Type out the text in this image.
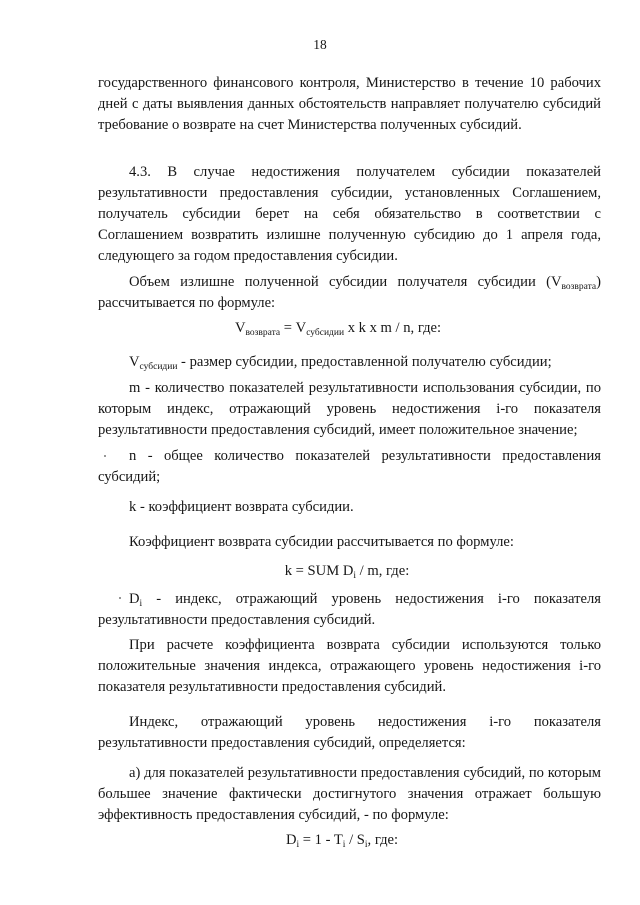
18

государственного финансового контроля, Министерство в течение 10 рабочих дней с даты выявления данных обстоятельств направляет получателю субсидий требование о возврате на счет Министерства полученных субсидий.

4.3. В случае недостижения получателем субсидии показателей результативности предоставления субсидии, установленных Соглашением, получатель субсидии берет на себя обязательство в соответствии с Соглашением возвратить излишне полученную субсидию до 1 апреля года, следующего за годом предоставления субсидии.

Объем излишне полученной субсидии получателя субсидии $(V_{возврата})$ рассчитывается по формуле:

$V_{возврата} = V_{субсидии}$ x k x m / n, где:

$V_{субсидии}$ - размер субсидии, предоставленной получателю субсидии;

m - количество показателей результативности использования субсидии, по которым индекс, отражающий уровень недостижения i-го показателя результативности предоставления субсидий, имеет положительное значение;

n - общее количество показателей результативности предоставления субсидий;

k - коэффициент возврата субсидии.

Коэффициент возврата субсидии рассчитывается по формуле:

k = SUM $D_i$ / m, где:

$D_i$ - индекс, отражающий уровень недостижения i-го показателя результативности предоставления субсидий.

При расчете коэффициента возврата субсидии используются только положительные значения индекса, отражающего уровень недостижения i-го показателя результативности предоставления субсидий.

Индекс, отражающий уровень недостижения i-го показателя

результативности предоставления субсидий, определяется:

а) для показателей результативности предоставления субсидий, по которым большее значение фактически достигнутого значения отражает большую эффективность предоставления субсидий, - по формуле:

$D_i = 1 - T_i / S_i$, где:
